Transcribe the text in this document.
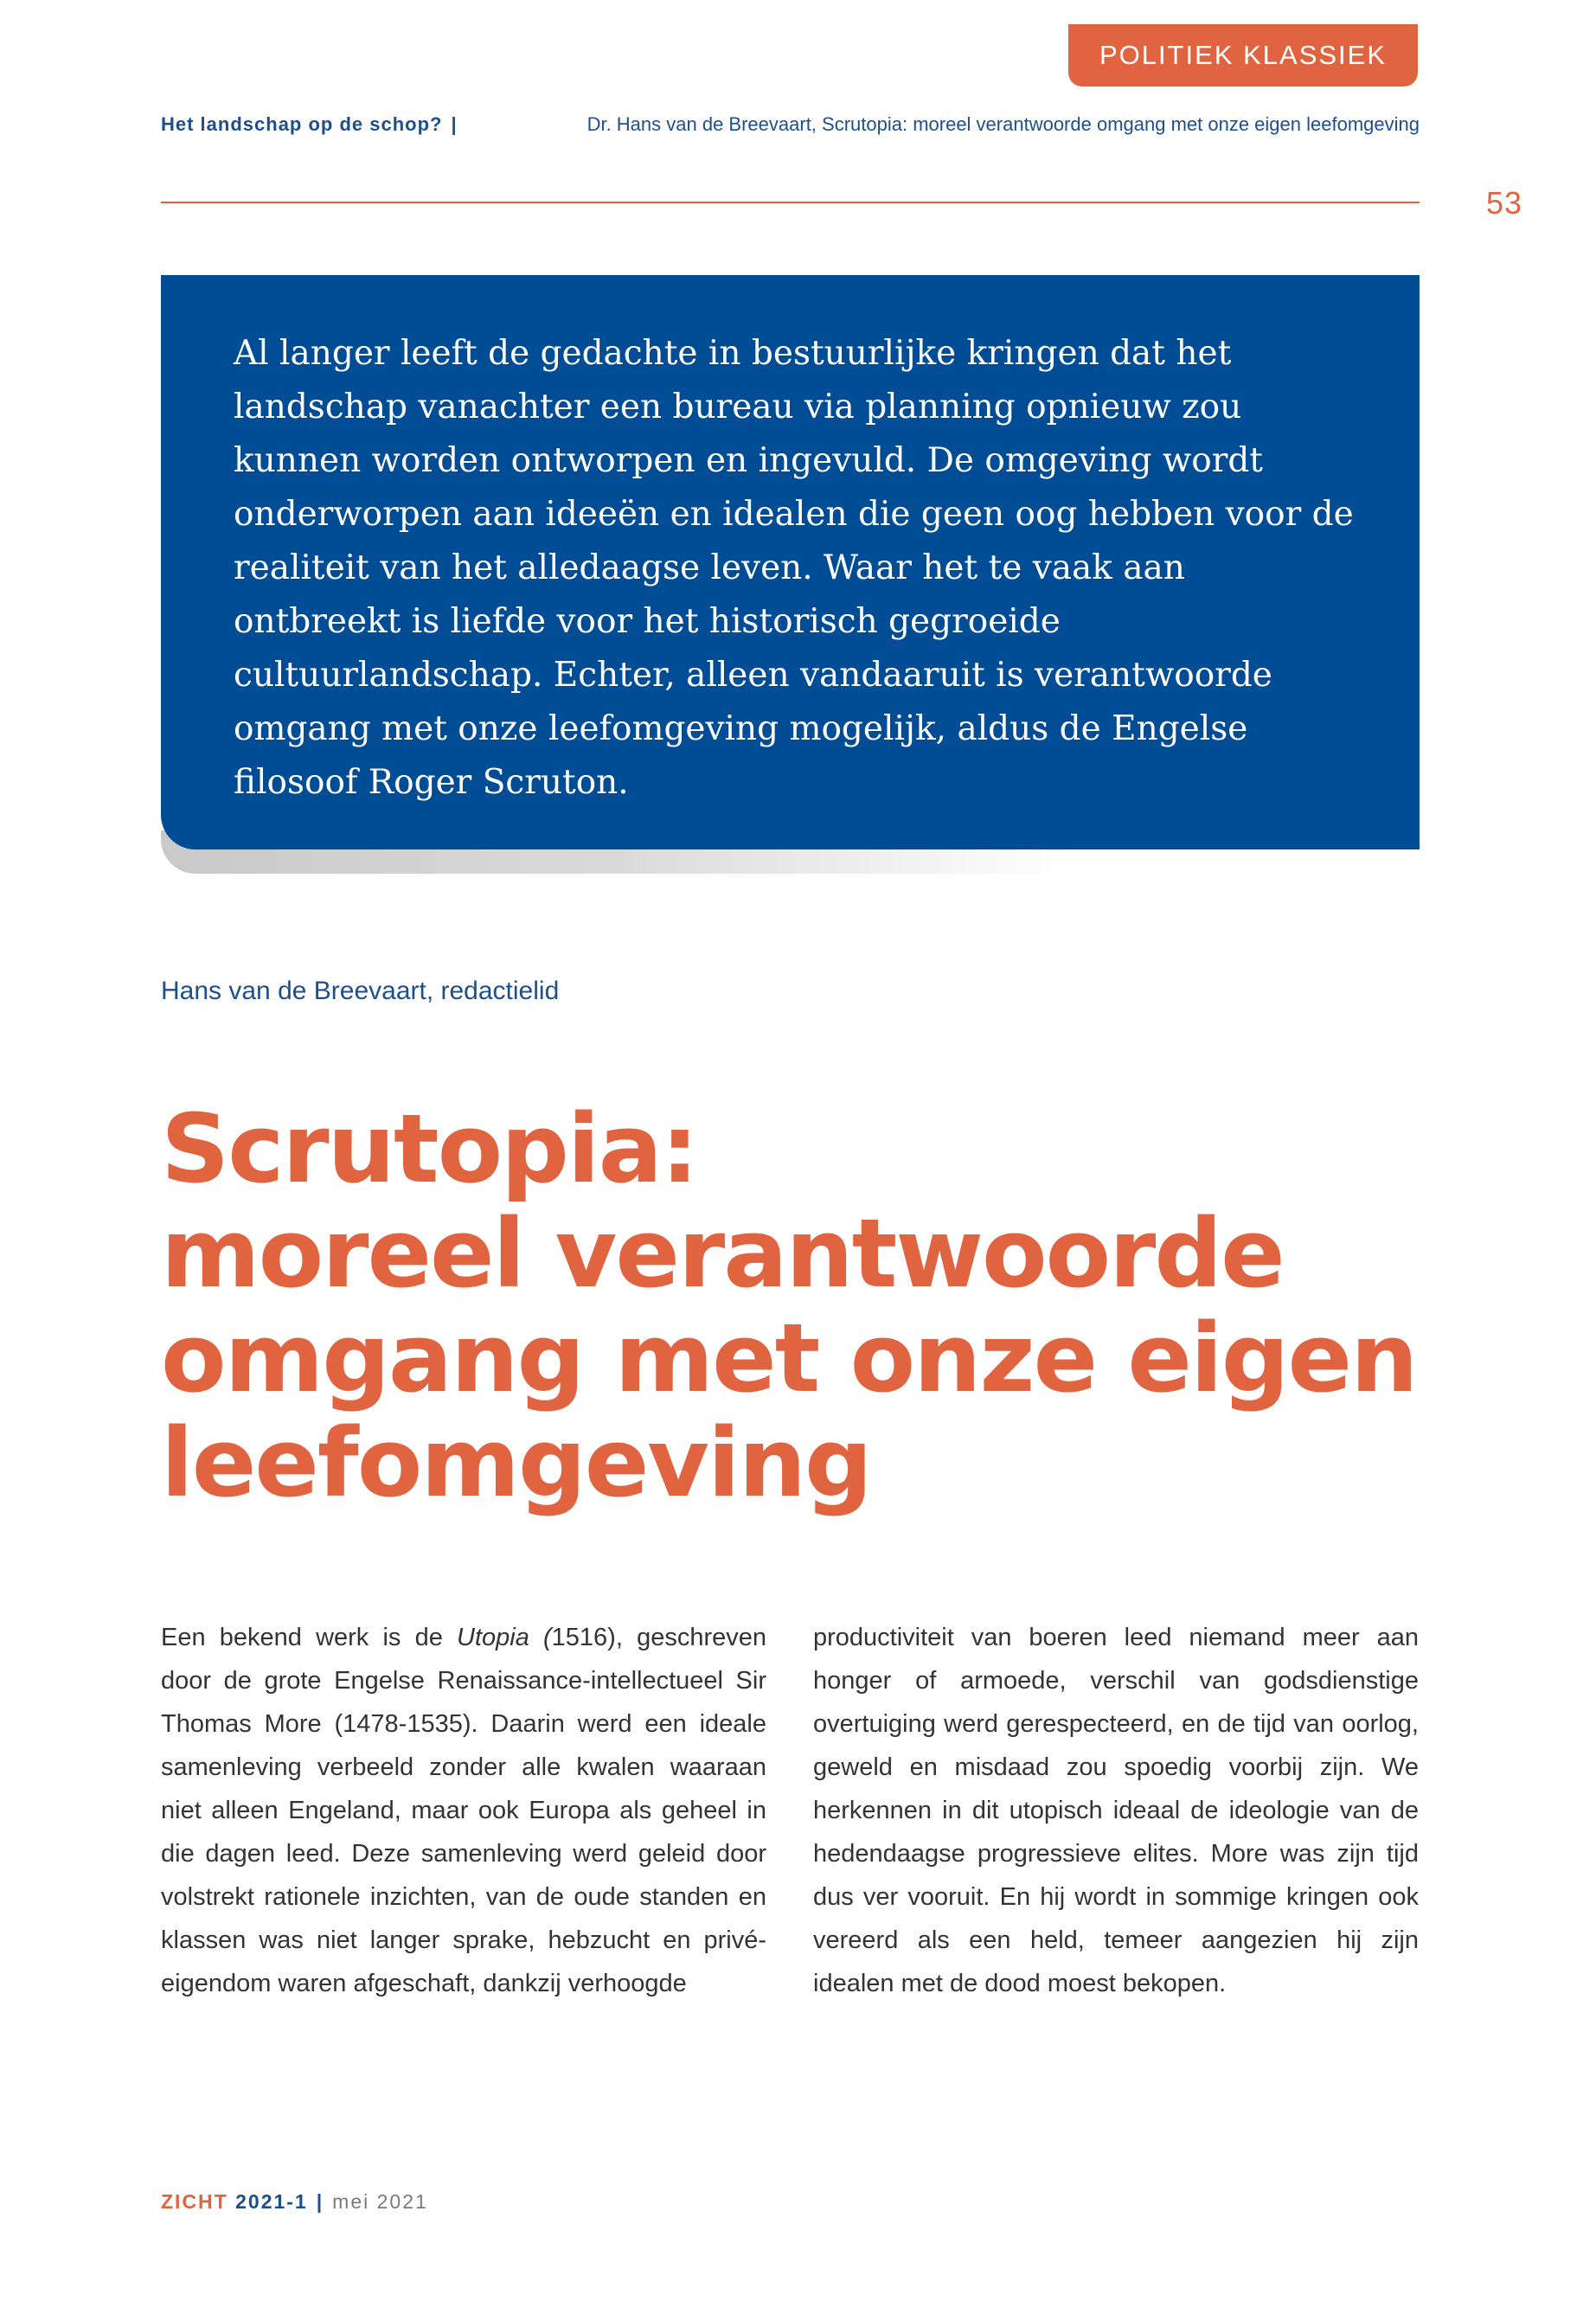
POLITIEK KLASSIEK
Het landschap op de schop? |	Dr. Hans van de Breevaart, Scrutopia: moreel verantwoorde omgang met onze eigen leefomgeving
53

Al langer leeft de gedachte in bestuurlijke kringen dat het landschap vanachter een bureau via planning opnieuw zou kunnen worden ontworpen en ingevuld. De omgeving wordt onderworpen aan ideeën en idealen die geen oog hebben voor de realiteit van het alledaagse leven. Waar het te vaak aan ontbreekt is liefde voor het historisch gegroeide cultuurlandschap. Echter, alleen vandaaruit is verantwoorde omgang met onze leefomgeving mogelijk, aldus de Engelse filosoof Roger Scruton.

Hans van de Breevaart, redactielid
Scrutopia:
moreel verantwoorde
omgang met onze eigen
leefomgeving

Een bekend werk is de Utopia (1516), geschreven door de grote Engelse Renaissance-intellectueel Sir Thomas More (1478-1535). Daarin werd een ideale samenleving verbeeld zonder alle kwalen waaraan niet alleen Engeland, maar ook Europa als geheel in die dagen leed. Deze samenleving werd geleid door volstrekt rationele inzichten, van de oude standen en klassen was niet langer sprake, hebzucht en privé-eigendom waren afgeschaft, dankzij verhoogde

productiviteit van boeren leed niemand meer aan honger of armoede, verschil van godsdienstige overtuiging werd gerespecteerd, en de tijd van oorlog, geweld en misdaad zou spoedig voorbij zijn. We herkennen in dit utopisch ideaal de ideologie van de hedendaagse progressieve elites. More was zijn tijd dus ver vooruit. En hij wordt in sommige kringen ook vereerd als een held, temeer aangezien hij zijn idealen met de dood moest bekopen.

ZICHT 2021-1 | mei 2021
